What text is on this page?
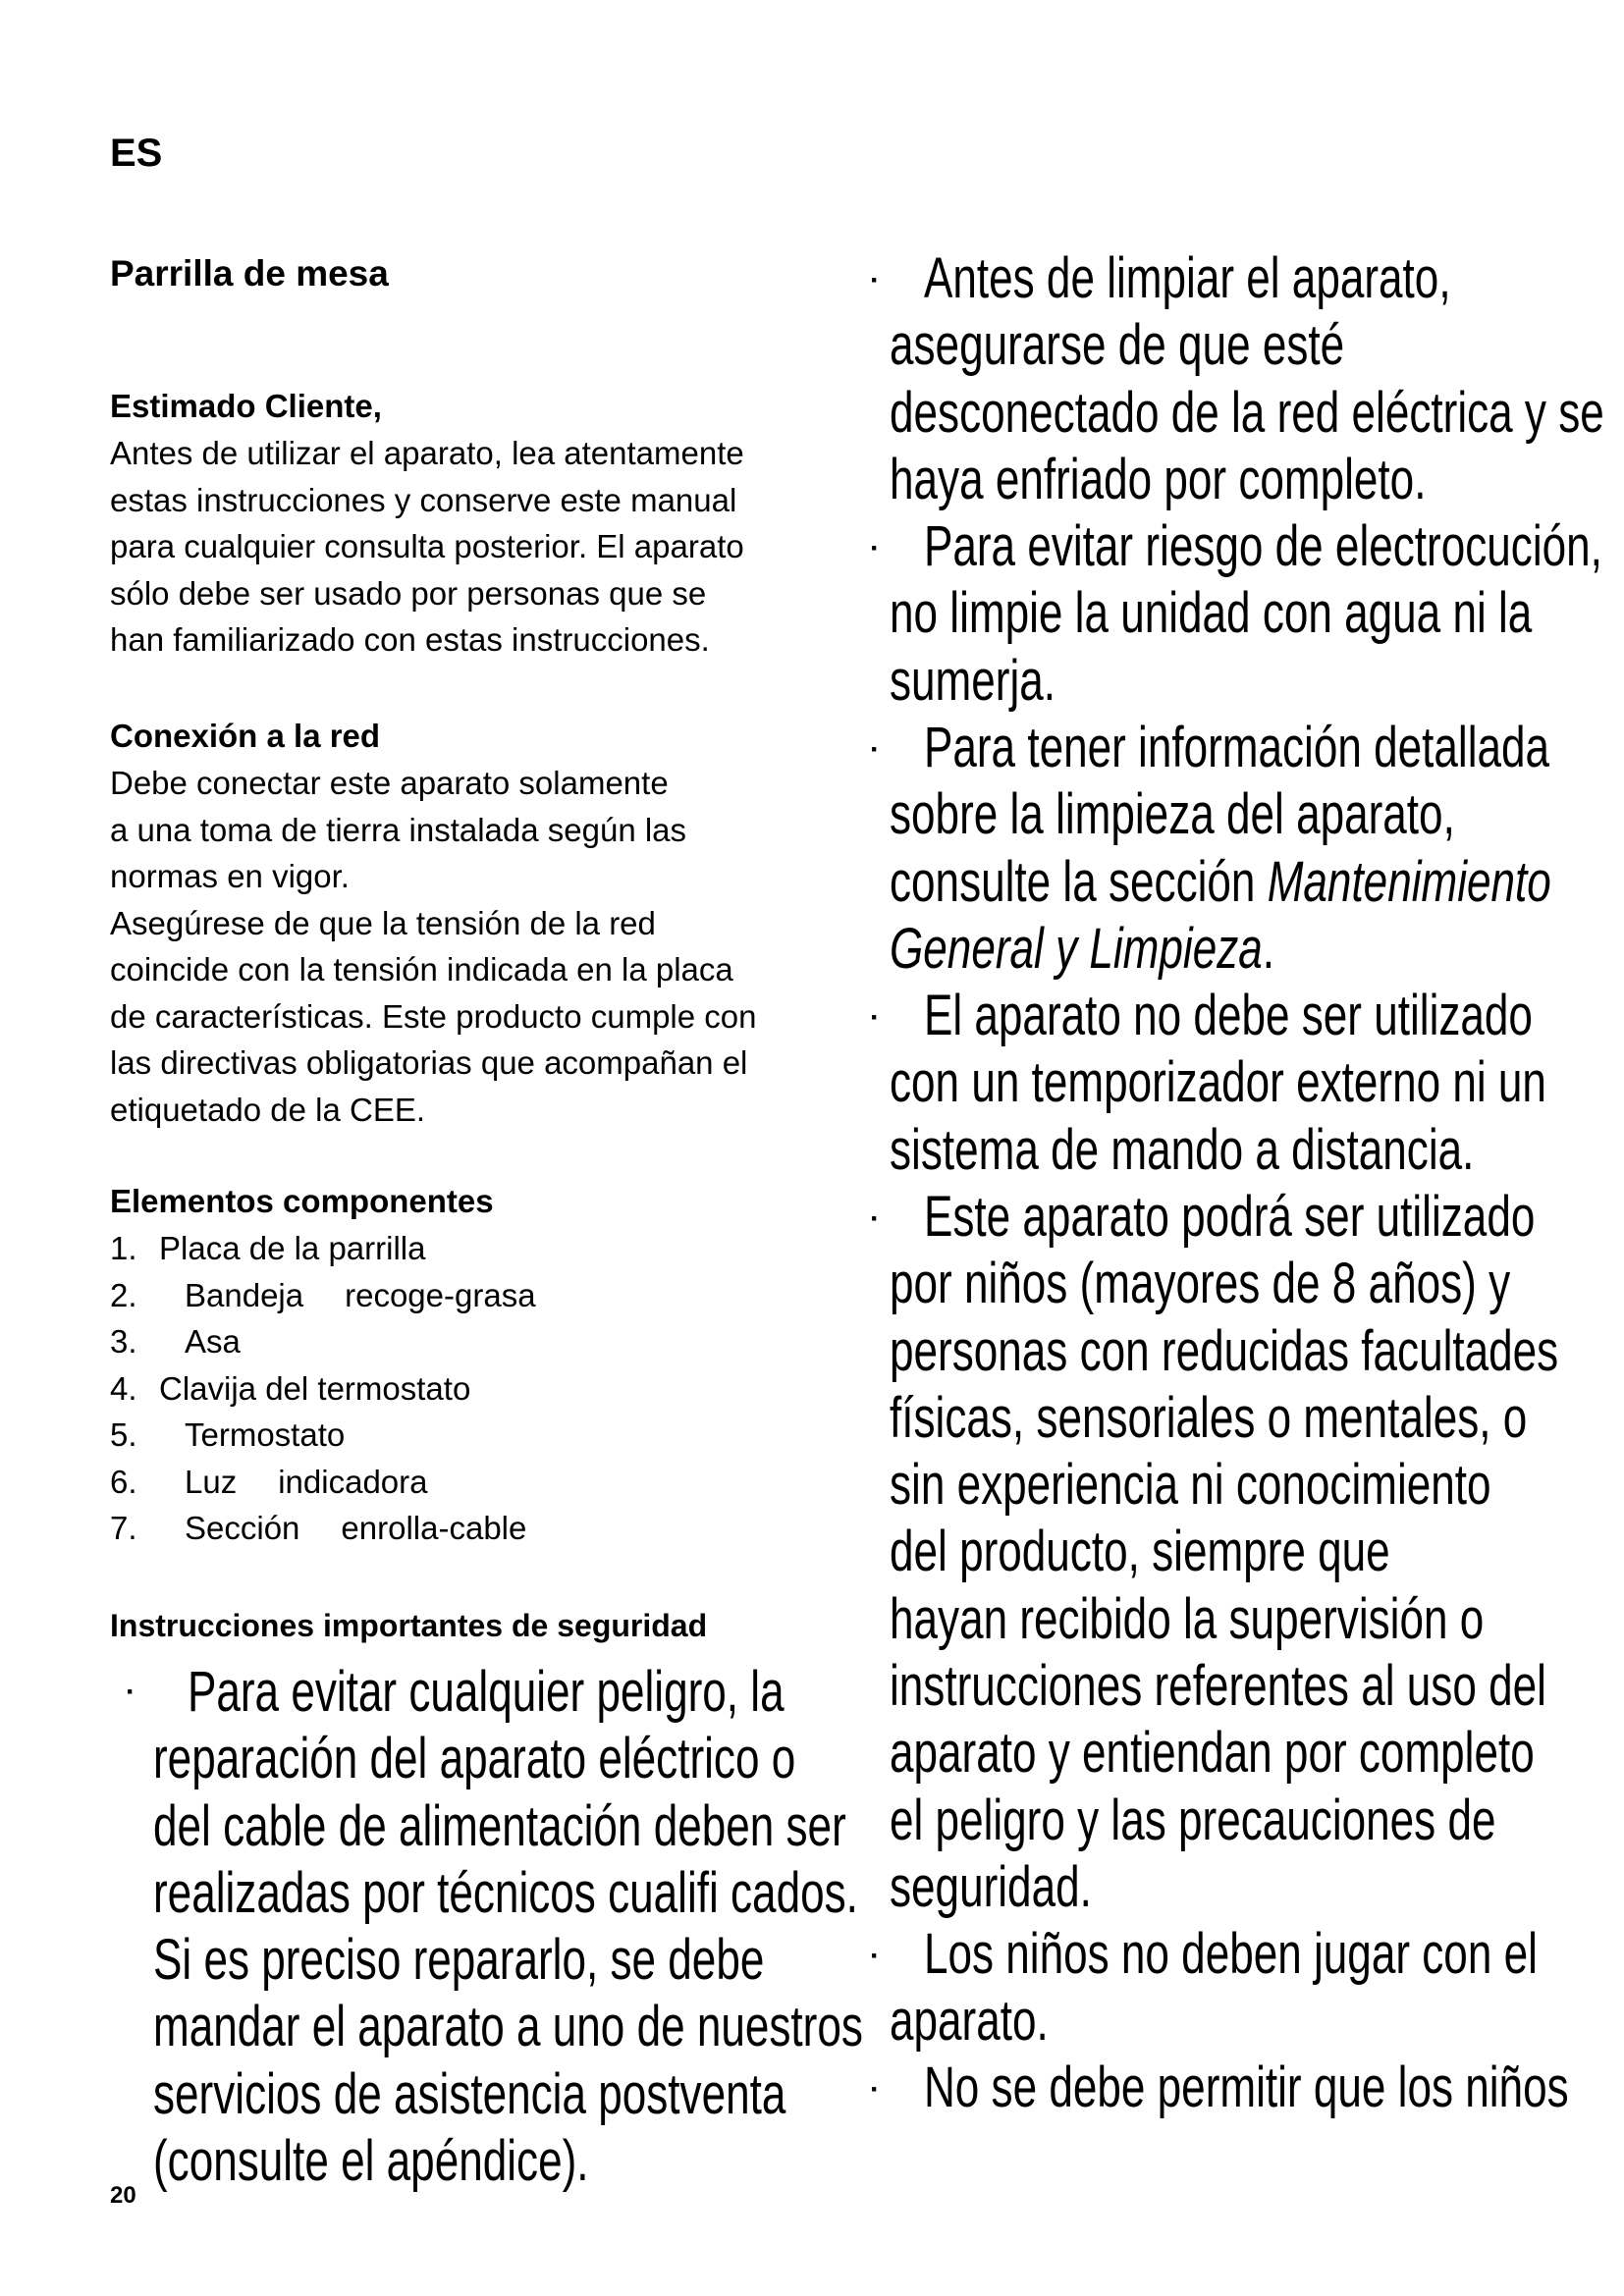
ES
Parrilla de mesa
Estimado Cliente,

Antes de utilizar el aparato, lea atentamente
estas instrucciones y conserve este manual
para cualquier consulta posterior. El aparato
sólo debe ser usado por personas que se
han familiarizado con estas instrucciones.

Conexión a la red

Debe conectar este aparato solamente
a una toma de tierra instalada según las
normas en vigor.
Asegúrese de que la tensión de la red
coincide con la tensión indicada en la placa
de características. Este producto cumple con
las directivas obligatorias que acompañan el
etiquetado de la CEE.

Elementos componentes
1. Placa de la parrilla
2.	Bandeja recoge-grasa
3.	Asa
4. Clavija del termostato
5.	Termostato
6.	Luz indicadora
7.	Sección enrolla-cable
Instrucciones importantes de seguridad
· Para evitar cualquier peligro, la
reparación del aparato eléctrico o
del cable de alimentación deben ser
realizadas por técnicos cualifi cados.
Si es preciso repararlo, se debe
mandar el aparato a uno de nuestros
servicios de asistencia postventa
(consulte el apéndice).
· Antes de limpiar el aparato,
asegurarse de que esté
desconectado de la red eléctrica y se
haya enfriado por completo.
· Para evitar riesgo de electrocución,
no limpie la unidad con agua ni la
sumerja.
· Para tener información detallada
sobre la limpieza del aparato,
consulte la sección Mantenimiento
General y Limpieza.
· El aparato no debe ser utilizado
con un temporizador externo ni un
sistema de mando a distancia.
· Este aparato podrá ser utilizado
por niños (mayores de 8 años) y
personas con reducidas facultades
físicas, sensoriales o mentales, o
sin experiencia ni conocimiento
del producto, siempre que
hayan recibido la supervisión o
instrucciones referentes al uso del
aparato y entiendan por completo
el peligro y las precauciones de
seguridad.
· Los niños no deben jugar con el
aparato.
· No se debe permitir que los niños
20
